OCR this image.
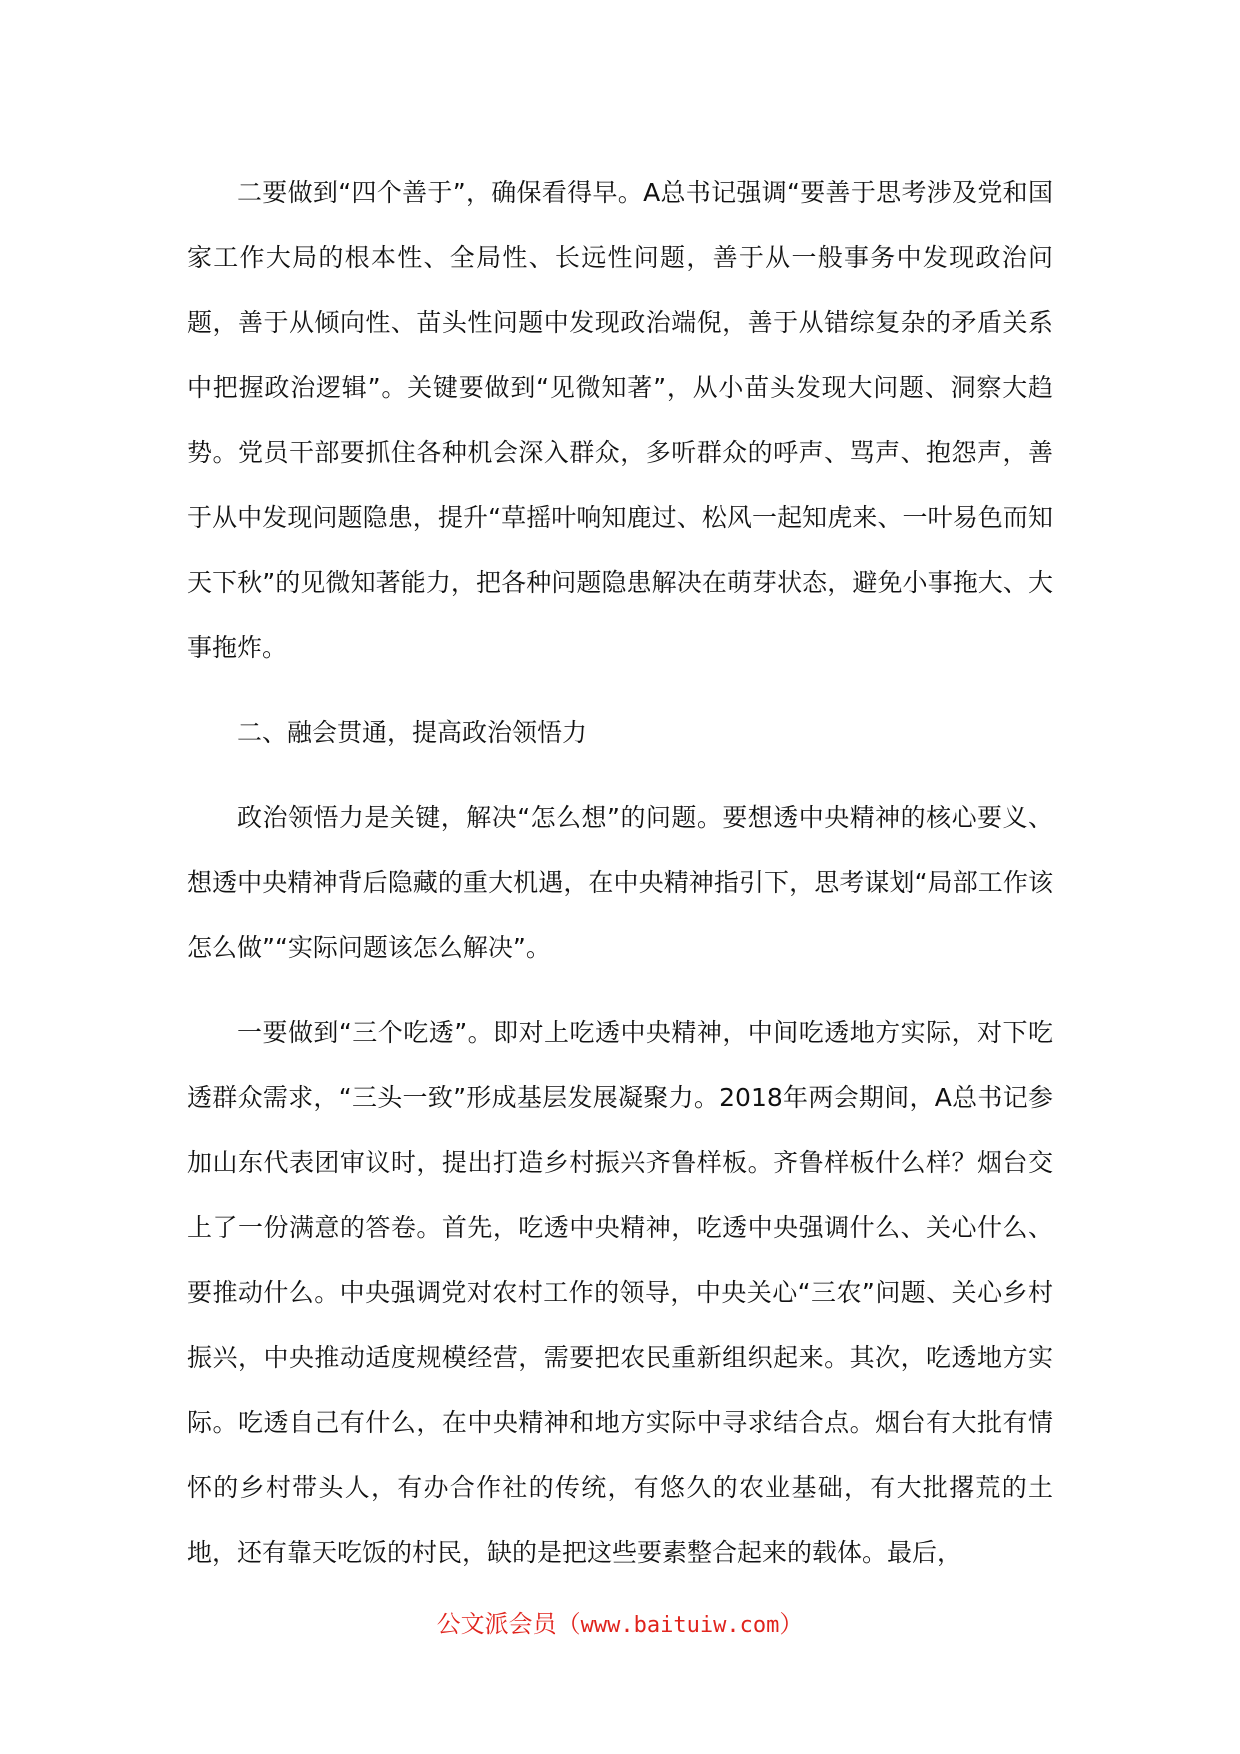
二要做到“四个善于”，确保看得早。A总书记强调“要善于思考涉及党和国家工作大局的根本性、全局性、长远性问题，善于从一般事务中发现政治问题，善于从倾向性、苗头性问题中发现政治端倪，善于从错综复杂的矛盾关系中把握政治逻辑”。关键要做到“见微知著”，从小苗头发现大问题、洞察大趋势。党员干部要抓住各种机会深入群众，多听群众的呼声、骂声、抱怨声，善于从中发现问题隐患，提升“草摇叶响知鹿过、松风一起知虎来、一叶易色而知天下秋”的见微知著能力，把各种问题隐患解决在萌芽状态，避免小事拖大、大事拖炸。

二、融会贯通，提高政治领悟力

政治领悟力是关键，解决“怎么想”的问题。要想透中央精神的核心要义、想透中央精神背后隐藏的重大机遇，在中央精神指引下，思考谋划“局部工作该怎么做”“实际问题该怎么解决”。

一要做到“三个吃透”。即对上吃透中央精神，中间吃透地方实际，对下吃透群众需求，“三头一致”形成基层发展凝聚力。2018年两会期间，A总书记参加山东代表团审议时，提出打造乡村振兴齐鲁样板。齐鲁样板什么样？烟台交上了一份满意的答卷。首先，吃透中央精神，吃透中央强调什么、关心什么、要推动什么。中央强调党对农村工作的领导，中央关心“三农”问题、关心乡村振兴，中央推动适度规模经营，需要把农民重新组织起来。其次，吃透地方实际。吃透自己有什么，在中央精神和地方实际中寻求结合点。烟台有大批有情怀的乡村带头人，有办合作社的传统，有悠久的农业基础，有大批撂荒的土地，还有靠天吃饭的村民，缺的是把这些要素整合起来的载体。最后，

公文派会员（www.baituiw.com）
